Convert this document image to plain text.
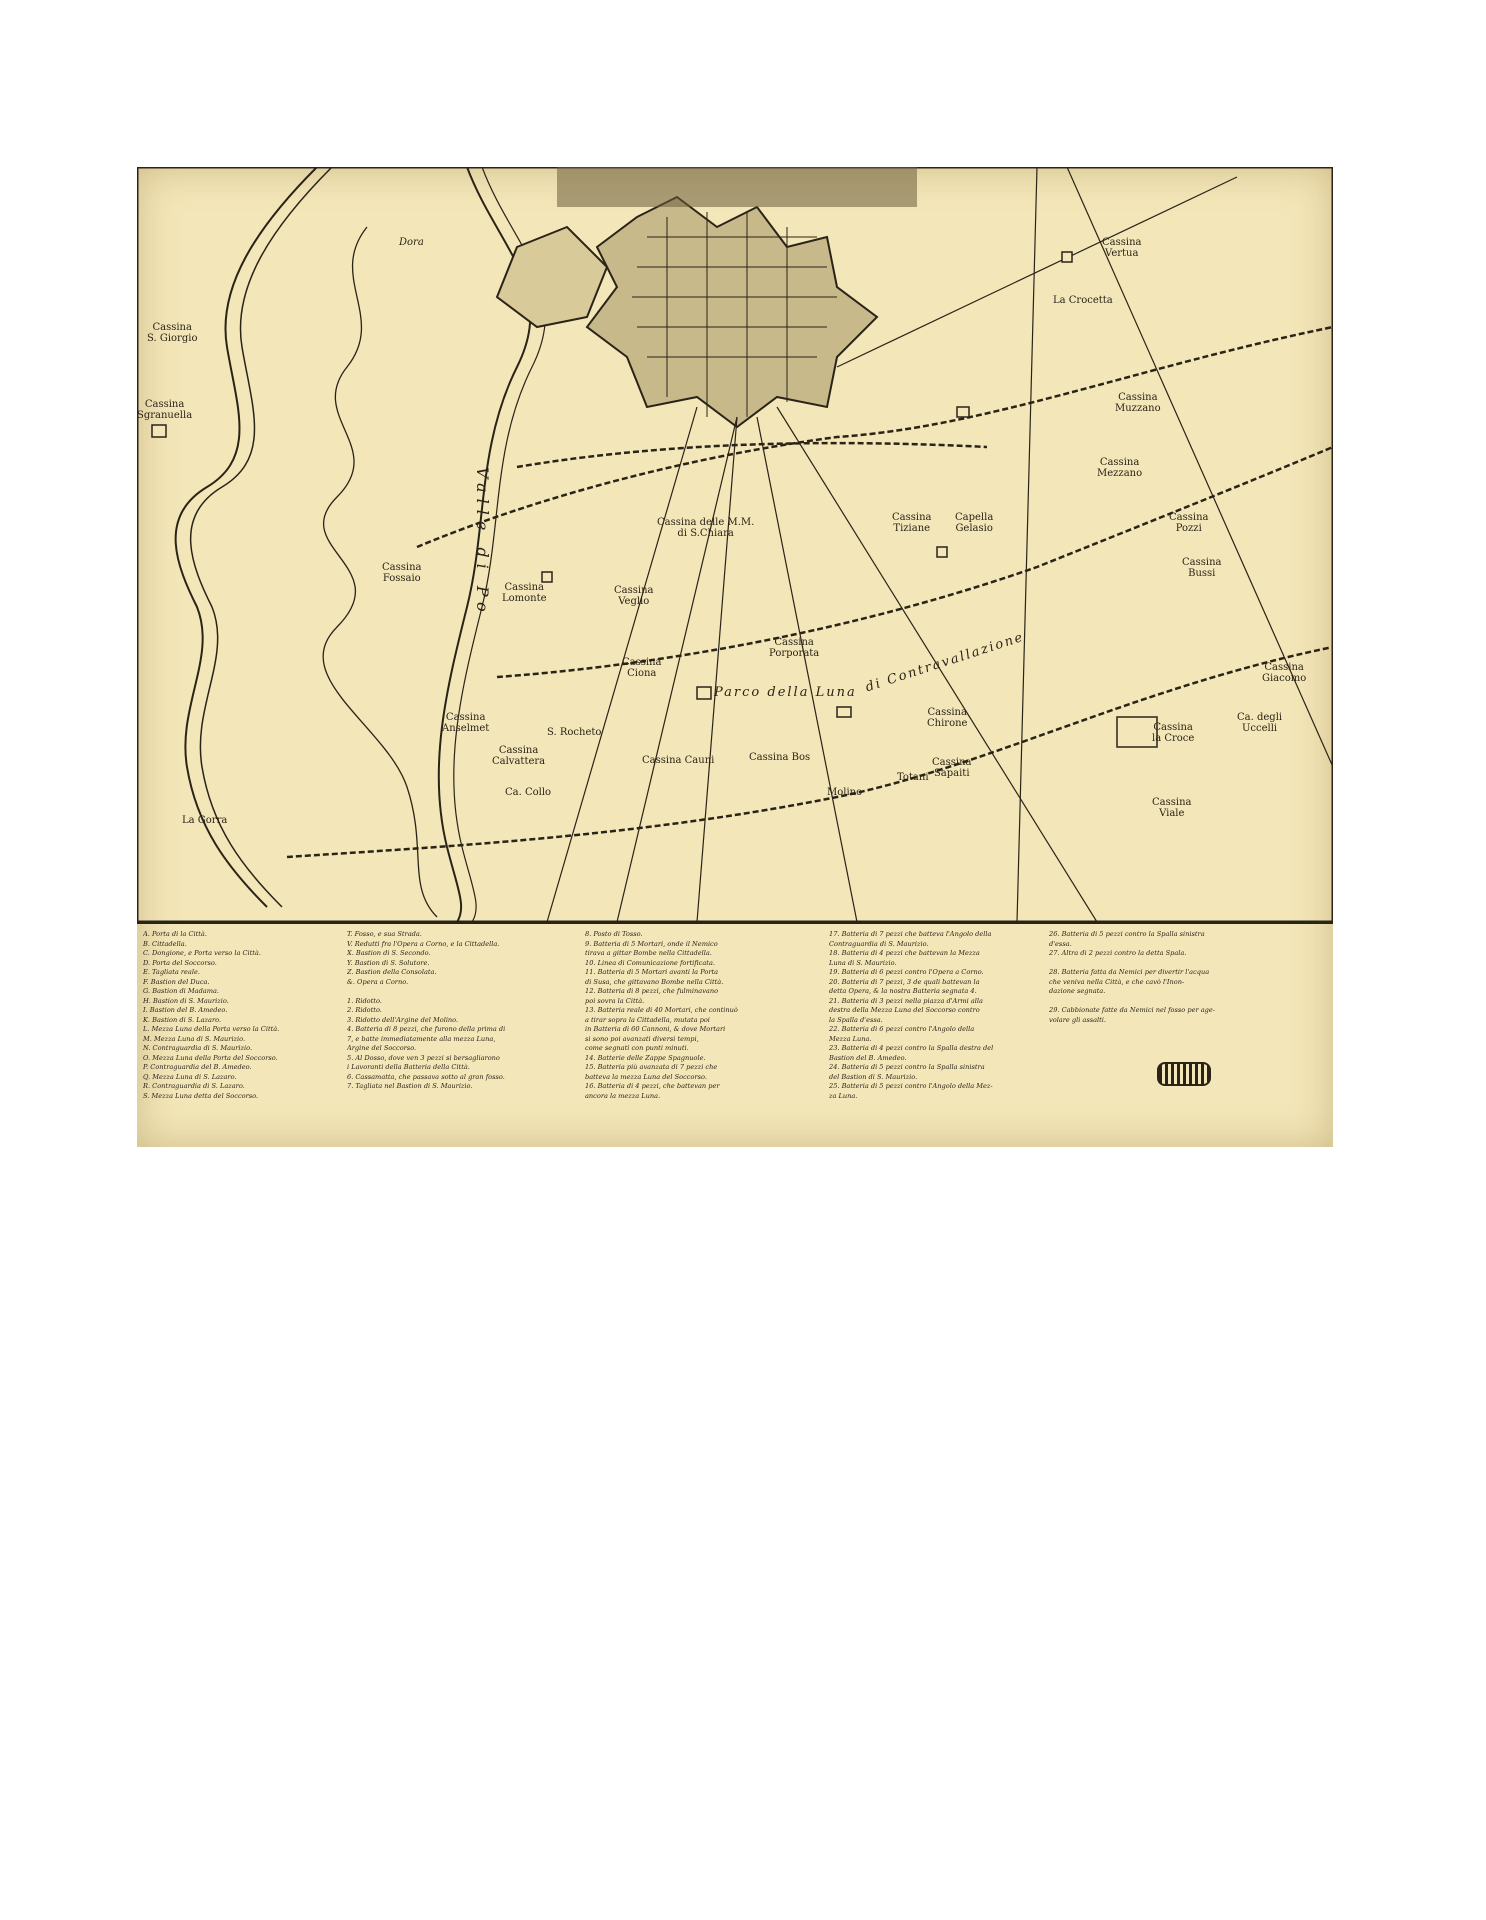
Cassina
S. Giorgio
Cassina
Sgranuella
Cassina
Vertua
La Crocetta
Cassina
Muzzano
Cassina
Mezzano
Cassina
Pozzi
Cassina
Bussi
Cassina delle M.M.
di S.Chiara
Cassina
Tiziane
Capella
Gelasio
Cassina
Fossaio
Cassina
Lomonte
Cassina
Veglio
Cassina
Porporata
Cassina
Ciona
Parco della Luna
Cassina
Anselmet	S. Rocheto
Cassina
Calvattera
Ca. Collo
Cassina Cauni	Cassina Bos
Cassina
Chirone
Cassina
Sapaiti
Cassina
la Croce
Ca. degli
Uccelli
Cassina
Giacomo
Cassina
Viale
Totani
La Gorra
Molino
di Contravallazione
Valle di Po
Dora
A. Porta di la Città.
B. Cittadella.
C. Dongione, e Porta verso la Città.
D. Porta del Soccorso.
E. Tagliata reale.
F. Bastion del Duca.
G. Bastion di Madama.
H. Bastion di S. Maurizio.
I. Bastion del B. Amedeo.
K. Bastion di S. Lazaro.
L. Mezza Luna della Porta verso la Città.
M. Mezza Luna di S. Maurizio.
N. Contraguardia di S. Maurizio.
O. Mezza Luna della Porta del Soccorso.
P. Contraguardia del B. Amedeo.
Q. Mezza Luna di S. Lazaro.
R. Contraguardia di S. Lazaro.
S. Mezza Luna detta del Soccorso.
T. Fosso, e sua Strada.
V. Redutti fra l'Opera a Corno, e la Cittadella.
X. Bastion di S. Secondo.
Y. Bastion di S. Solutore.
Z. Bastion della Consolata.
&. Opera a Corno.

1. Ridotto.
2. Ridotto.
3. Ridotto dell'Argine del Molino.
4. Batteria di 8 pezzi, che furono della prima di
7, e batte immediatamente alla mezza Luna,
Argine del Soccorso.
5. Al Dosso, dove ven 3 pezzi si bersagliarono
i Lavoranti della Batteria della Città.
6. Cassamatta, che passava sotto al gran fosso.
7. Tagliata nel Bastion di S. Maurizio.
8. Posto di Tosso.
9. Batteria di 5 Mortari, onde il Nemico
tirava a gittar Bombe nella Cittadella.
10. Linea di Comunicazione fortificata.
11. Batteria di 5 Mortari avanti la Porta
di Susa, che gittavano Bombe nella Città.
12. Batteria di 8 pezzi, che fulminavano
poi sovra la Città.
13. Batteria reale di 40 Mortari, che continuò
a tirar sopra la Cittadella, mutata poi
in Batteria di 60 Cannoni, & dove Mortari
si sono poi avanzati diversi tempi,
come segnati con punti minuti.
14. Batterie delle Zappe Spagnuole.
15. Batteria più avanzata di 7 pezzi che
batteva la mezza Luna del Soccorso.
16. Batteria di 4 pezzi, che battevan per
ancora la mezza Luna.
17. Batteria di 7 pezzi che batteva l'Angolo della
Contraguardia di S. Maurizio.
18. Batteria di 4 pezzi che battevan la Mezza
Luna di S. Maurizio.
19. Batteria di 6 pezzi contro l'Opera a Corno.
20. Batteria di 7 pezzi, 3 de quali battevan la
detta Opera, & la nostra Batteria segnata 4.
21. Batteria di 3 pezzi nella piazza d'Armi alla
destra della Mezza Luna del Soccorso contro
la Spalla d'essa.
22. Batteria di 6 pezzi contro l'Angolo della
Mezza Luna.
23. Batteria di 4 pezzi contro la Spalla destra del
Bastion del B. Amedeo.
24. Batteria di 5 pezzi contro la Spalla sinistra
del Bastion di S. Maurizio.
25. Batteria di 5 pezzi contro l'Angolo della Mez-
za Luna.
26. Batteria di 5 pezzi contro la Spalla sinistra
d'essa.
27. Altra di 2 pezzi contro la detta Spala.

28. Batteria fatta da Nemici per divertir l'acqua
che veniva nella Città, e che cavò l'Inon-
dazione segnata.

29. Cabbionate fatte da Nemici nel fosso per age-
volare gli assalti.
